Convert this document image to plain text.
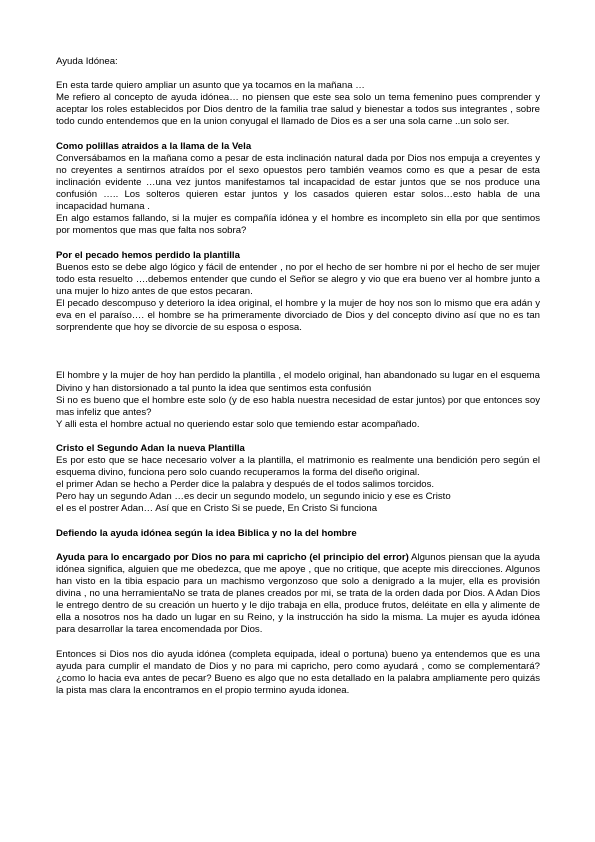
Ayuda Idónea:

En esta tarde quiero ampliar un asunto que ya tocamos en la mañana …

Me refiero al concepto de ayuda idónea… no piensen que este sea solo un tema femenino pues comprender y aceptar los roles establecidos por Dios dentro de la familia trae salud y bienestar a todos sus integrantes , sobre todo cundo entendemos que en la union conyugal el llamado de Dios es a ser una sola carne ..un solo ser.

Como polillas atraidos a la llama de la Vela

Conversábamos en la mañana como a pesar de esta inclinación natural dada por Dios nos empuja a creyentes y no creyentes a sentirnos atraídos por el sexo opuestos pero también veamos como es que a pesar de esta inclinación evidente …una vez juntos manifestamos tal incapacidad de estar juntos que se nos produce una confusión ….. Los solteros quieren estar juntos y los casados quieren estar solos…esto habla de una incapacidad humana .

En algo estamos fallando, si la mujer es compañía idónea y el hombre es incompleto sin ella por que sentimos por momentos que mas que falta nos sobra?

Por el pecado hemos perdido la plantilla

Buenos esto se debe algo lógico y fácil de entender , no por el hecho de ser hombre ni por el hecho de ser mujer todo esta resuelto ….debemos entender que cundo el Señor se alegro y vio que era bueno ver al hombre junto a una mujer lo hizo antes de que estos pecaran.

El pecado descompuso y deterioro la idea original, el hombre y la mujer de hoy nos son lo mismo que era adán y eva en el paraíso…. el hombre se ha primeramente divorciado de Dios y del concepto divino así que no es tan sorprendente que hoy se divorcie de su esposa o esposa.

El hombre y la mujer de hoy han perdido la plantilla , el modelo original, han abandonado su lugar en el esquema Divino y han distorsionado a tal punto la idea que sentimos esta confusión

Si no es bueno que el hombre este solo (y de eso habla nuestra necesidad de estar juntos) por que entonces soy mas infeliz que antes?

Y alli esta el hombre actual no queriendo estar solo que temiendo estar acompañado.

Cristo el Segundo Adan la nueva Plantilla

Es por esto que se hace necesario volver a la plantilla, el matrimonio es realmente una bendición pero según el esquema divino, funciona pero solo cuando recuperamos la forma del diseño original.

el primer Adan se hecho a Perder dice la palabra y después de el todos salimos torcidos.

Pero hay un segundo Adan …es decir un segundo modelo, un segundo inicio y ese es Cristo

el es el postrer Adan… Así que en Cristo Si se puede, En Cristo Si funciona

Defiendo la ayuda idónea según la idea Biblica y no la del hombre

Ayuda para lo encargado por Dios no para mi capricho (el principio del error) Algunos piensan que la ayuda idónea significa, alguien que me obedezca, que me apoye , que no critique, que acepte mis direcciones. Algunos han visto en la tibia espacio para un machismo vergonzoso que solo a denigrado a la mujer, ella es provisión divina , no una herramientaNo se trata de planes creados por mi, se trata de la orden dada por Dios. A Adan Dios le entrego dentro de su creación un huerto y le dijo trabaja en ella, produce frutos, deléitate en ella y alimente de ella a nosotros nos ha dado un lugar en su Reino, y la instrucción ha sido la misma. La mujer es ayuda idónea para desarrollar la tarea encomendada por Dios.

Entonces si Dios nos dio ayuda idónea (completa equipada, ideal o portuna) bueno ya entendemos que es una ayuda para cumplir el mandato de Dios y no para mi capricho, pero como ayudará , como se complementará? ¿como lo hacia eva antes de pecar? Bueno es algo que no esta detallado en la palabra ampliamente pero quizás la pista mas clara la encontramos en el propio termino ayuda idonea.
